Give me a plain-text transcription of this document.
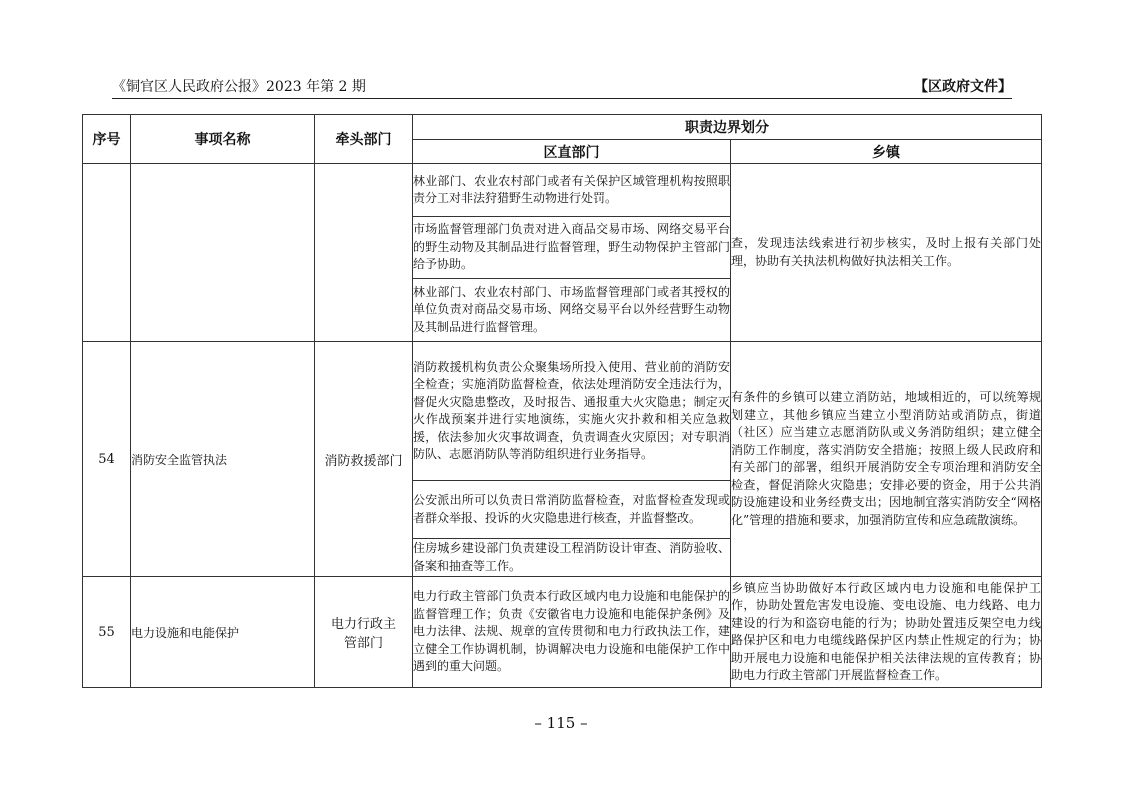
《铜官区人民政府公报》2023 年第 2 期	【区政府文件】
序号	事项名称	牵头部门	职责边界划分	
			区直部门	乡镇
			林业部门、农业农村部门或者有关保护区域管理机构按照职责分工对非法狩猎野生动物进行处罚。	查，发现违法线索进行初步核实，及时上报有关部门处理，协助有关执法机构做好执法相关工作。
			市场监督管理部门负责对进入商品交易市场、网络交易平台的野生动物及其制品进行监督管理，野生动物保护主管部门给予协助。	
			林业部门、农业农村部门、市场监督管理部门或者其授权的单位负责对商品交易市场、网络交易平台以外经营野生动物及其制品进行监督管理。	
54	消防安全监管执法	消防救援部门	消防救援机构负责公众聚集场所投入使用、营业前的消防安全检查；实施消防监督检查，依法处理消防安全违法行为，督促火灾隐患整改，及时报告、通报重大火灾隐患；制定灭火作战预案并进行实地演练，实施火灾扑救和相关应急救援，依法参加火灾事故调查，负责调查火灾原因；对专职消防队、志愿消防队等消防组织进行业务指导。	有条件的乡镇可以建立消防站，地域相近的，可以统筹规划建立，其他乡镇应当建立小型消防站或消防点，街道（社区）应当建立志愿消防队或义务消防组织；建立健全消防工作制度，落实消防安全措施；按照上级人民政府和有关部门的部署，组织开展消防安全专项治理和消防安全检查，督促消除火灾隐患；安排必要的资金，用于公共消防设施建设和业务经费支出；因地制宜落实消防安全“网格化”管理的措施和要求，加强消防宣传和应急疏散演练。
			公安派出所可以负责日常消防监督检查，对监督检查发现或者群众举报、投诉的火灾隐患进行核查，并监督整改。	
			住房城乡建设部门负责建设工程消防设计审查、消防验收、备案和抽查等工作。	
55	电力设施和电能保护	电力行政主管部门	电力行政主管部门负责本行政区域内电力设施和电能保护的监督管理工作；负责《安徽省电力设施和电能保护条例》及电力法律、法规、规章的宣传贯彻和电力行政执法工作，建立健全工作协调机制，协调解决电力设施和电能保护工作中遇到的重大问题。	乡镇应当协助做好本行政区域内电力设施和电能保护工作，协助处置危害发电设施、变电设施、电力线路、电力建设的行为和盗窃电能的行为；协助处置违反架空电力线路保护区和电力电缆线路保护区内禁止性规定的行为；协助开展电力设施和电能保护相关法律法规的宣传教育；协助电力行政主管部门开展监督检查工作。
– 115 –
